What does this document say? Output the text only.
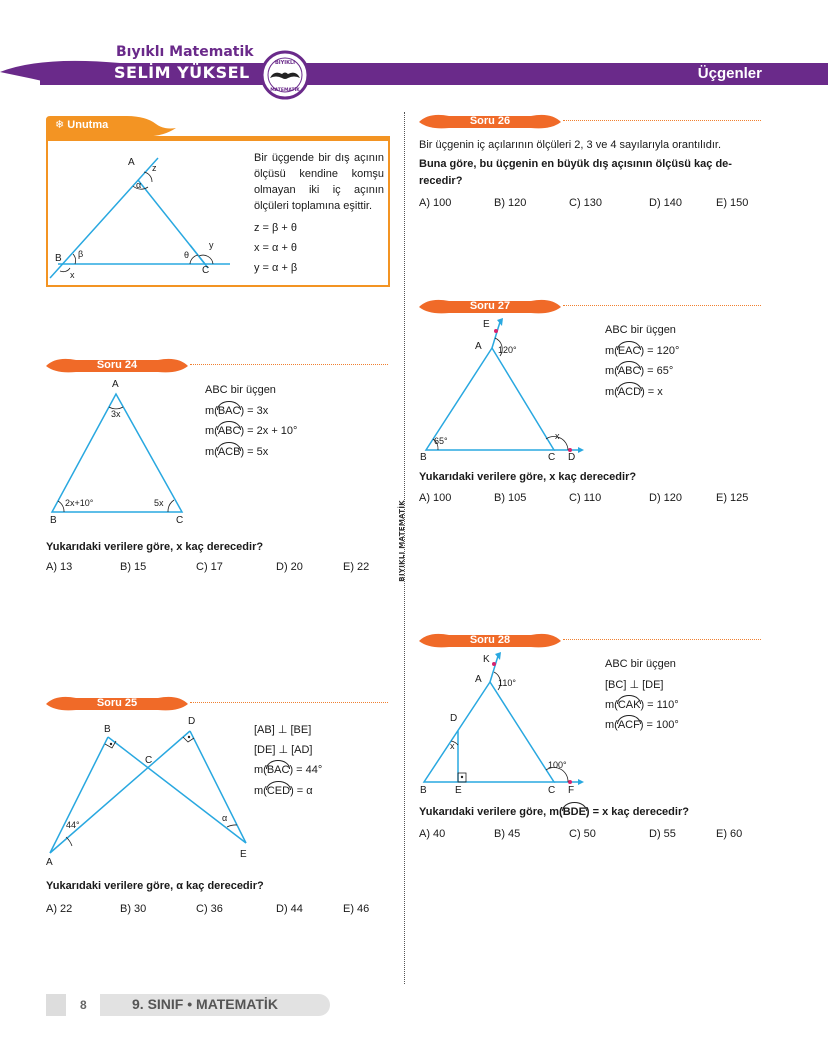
Bıyıklı Matematik
SELİM YÜKSEL	BIYIKLI
MATEMATİK
Üçgenler
BIYIKLI MATEMATİK
❄ Unutma
A z
α
B β
x
θ
y
C
Bir üçgende bir dış açının ölçüsü kendine komşu olmayan iki iç açının ölçüleri toplamına eşittir.
z = β + θ
x = α + θ
y = α + β
Soru 24
A
3x
2x+10°	5x
B	C
ABC bir üçgen
m(BAC) = 3x
m(ABC) = 2x + 10°
m(ACB) = 5x
Yukarıdaki verilere göre, x kaç derecedir?
A) 13	B) 15	C) 17	D) 20	E) 22
Soru 25
B
D
C
44°
α
A
E
[AB] ⊥ [BE]
[DE] ⊥ [AD]
m(BAC) = 44°
m(CED) = α
Yukarıdaki verilere göre, α kaç derecedir?
A) 22	B) 30	C) 36	D) 44	E) 46
Soru 26
Bir üçgenin iç açılarının ölçüleri 2, 3 ve 4 sayılarıyla orantılıdır.
Buna göre, bu üçgenin en büyük dış açısının ölçüsü kaç de-
recedir?
A) 100	B) 120	C) 130	D) 140	E) 150
Soru 27
E
A 120°
65°	x
B	C D
ABC bir üçgen
m(EAC) = 120°
m(ABC) = 65°
m(ACD) = x
Yukarıdaki verilere göre, x kaç derecedir?
A) 100	B) 105	C) 110	D) 120	E) 125
Soru 28
K
A 110°
D
x
100°
B	E	C F
ABC bir üçgen
[BC] ⊥ [DE]
m(CAK) = 110°
m(ACF) = 100°
Yukarıdaki verilere göre, m(BDE) = x kaç derecedir?
A) 40	B) 45	C) 50	D) 55	E) 60
8	9. SINIF • MATEMATİK
